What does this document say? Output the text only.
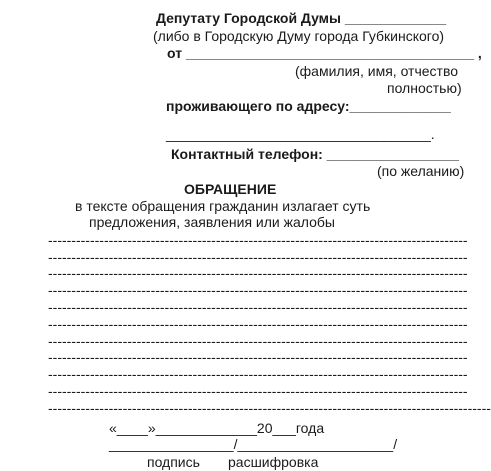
Депутату Городской Думы _____________
(либо в Городскую Думу города Губкинского)
от _____________________________________ ,
(фамилия, имя, отчество
полностью)
проживающего по адресу:_____________
__________________________________.
Контактный телефон: _________________
(по желанию)
ОБРАЩЕНИЕ
в тексте обращения гражданин излагает суть
предложения, заявления или жалобы
------------------------------------------------------------------------------------------
------------------------------------------------------------------------------------------
------------------------------------------------------------------------------------------
------------------------------------------------------------------------------------------
------------------------------------------------------------------------------------------
------------------------------------------------------------------------------------------
------------------------------------------------------------------------------------------
------------------------------------------------------------------------------------------
------------------------------------------------------------------------------------------
------------------------------------------------------------------------------------------
-----------------------------------------------------------------------------------------------
«____»_____________20___года
________________/____________________/
подпись расшифровка
